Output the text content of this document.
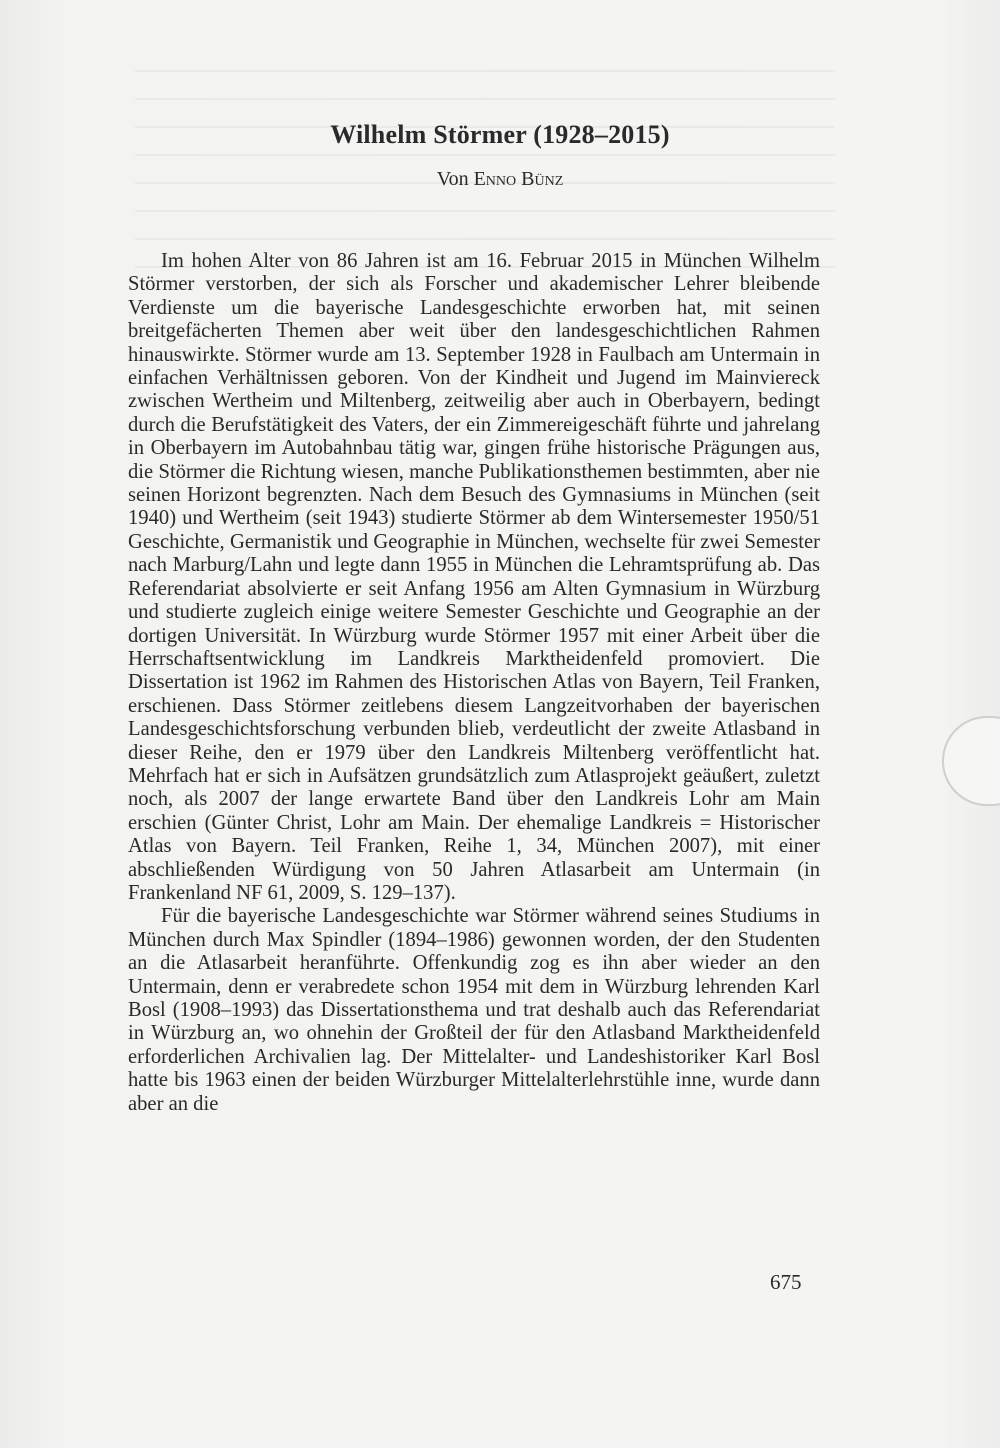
Wilhelm Störmer (1928–2015)
Von Enno Bünz

Im hohen Alter von 86 Jahren ist am 16. Februar 2015 in München Wilhelm Störmer verstorben, der sich als Forscher und akademischer Lehrer bleibende Verdienste um die bayerische Landesgeschichte erworben hat, mit seinen breitgefächerten Themen aber weit über den landesgeschichtlichen Rahmen hinauswirkte. Störmer wurde am 13. September 1928 in Faulbach am Untermain in einfachen Verhältnissen geboren. Von der Kindheit und Jugend im Mainviereck zwischen Wertheim und Miltenberg, zeitweilig aber auch in Oberbayern, bedingt durch die Berufstätigkeit des Vaters, der ein Zimmereigeschäft führte und jahrelang in Oberbayern im Autobahnbau tätig war, gingen frühe historische Prägungen aus, die Störmer die Richtung wiesen, manche Publikationsthemen bestimmten, aber nie seinen Horizont begrenzten. Nach dem Besuch des Gymnasiums in München (seit 1940) und Wertheim (seit 1943) studierte Störmer ab dem Wintersemester 1950/51 Geschichte, Germanistik und Geographie in München, wechselte für zwei Semester nach Marburg/Lahn und legte dann 1955 in München die Lehramtsprüfung ab. Das Referendariat absolvierte er seit Anfang 1956 am Alten Gymnasium in Würzburg und studierte zugleich einige weitere Semester Geschichte und Geographie an der dortigen Universität. In Würzburg wurde Störmer 1957 mit einer Arbeit über die Herrschaftsentwicklung im Landkreis Marktheidenfeld promoviert. Die Dissertation ist 1962 im Rahmen des Historischen Atlas von Bayern, Teil Franken, erschienen. Dass Störmer zeitlebens diesem Langzeitvorhaben der bayerischen Landesgeschichtsforschung verbunden blieb, verdeutlicht der zweite Atlasband in dieser Reihe, den er 1979 über den Landkreis Miltenberg veröffentlicht hat. Mehrfach hat er sich in Aufsätzen grundsätzlich zum Atlasprojekt geäußert, zuletzt noch, als 2007 der lange erwartete Band über den Landkreis Lohr am Main erschien (Günter Christ, Lohr am Main. Der ehemalige Landkreis = Historischer Atlas von Bayern. Teil Franken, Reihe 1, 34, München 2007), mit einer abschließenden Würdigung von 50 Jahren Atlasarbeit am Untermain (in Frankenland NF 61, 2009, S. 129–137).

Für die bayerische Landesgeschichte war Störmer während seines Studiums in München durch Max Spindler (1894–1986) gewonnen worden, der den Studenten an die Atlasarbeit heranführte. Offenkundig zog es ihn aber wieder an den Untermain, denn er verabredete schon 1954 mit dem in Würzburg lehrenden Karl Bosl (1908–1993) das Dissertationsthema und trat deshalb auch das Referendariat in Würzburg an, wo ohnehin der Großteil der für den Atlasband Marktheidenfeld erforderlichen Archivalien lag. Der Mittelalter- und Landeshistoriker Karl Bosl hatte bis 1963 einen der beiden Würzburger Mittelalterlehrstühle inne, wurde dann aber an die

675
